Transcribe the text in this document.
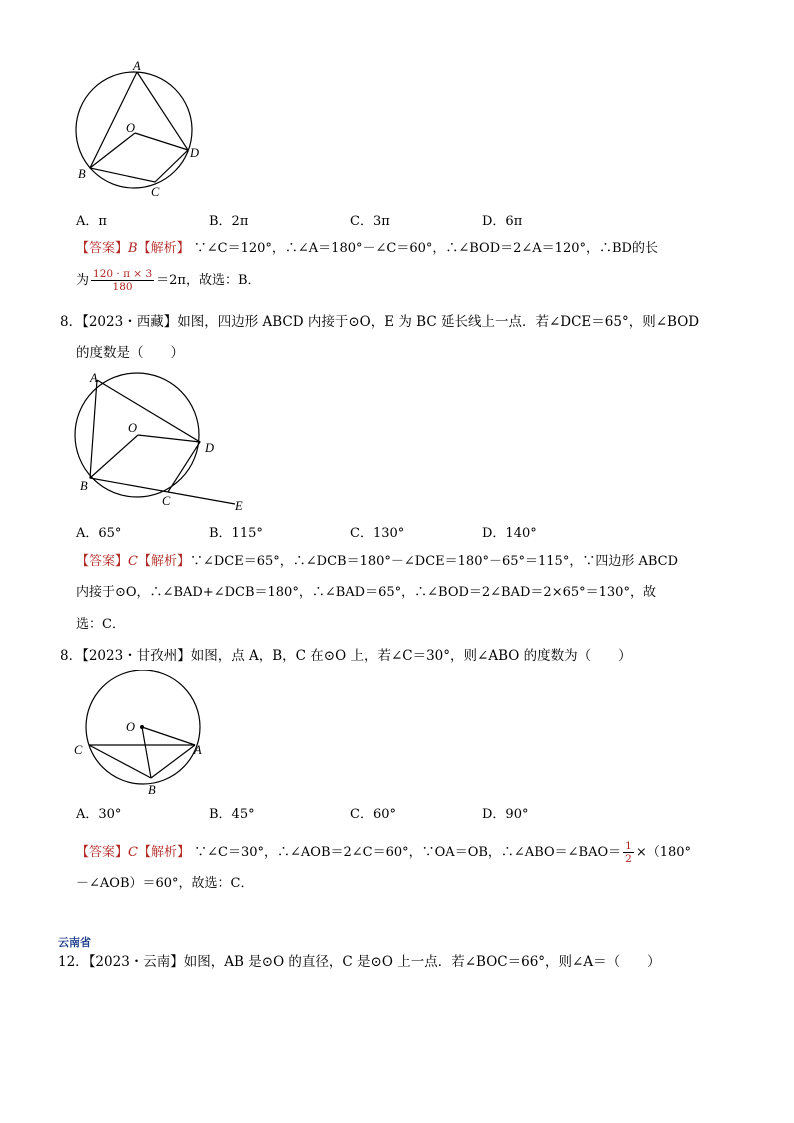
A
O
B
C
D
A．π	B．2π	C．3π	D．6π
【答案】B【解析】 ∵∠C＝120°，∴∠A＝180°－∠C＝60°，∴∠BOD＝2∠A＝120°，∴BD的长
为 $\frac{120 \cdot \pi \times 3}{180} =2\pi$，故选：B．
8．【2023・西藏】如图，四边形 ABCD 内接于⊙O，E 为 BC 延长线上一点．若∠DCE＝65°，则∠BOD
的度数是（　　）
A
O
B
C
D
E
A．65°	B．115°	C．130°	D．140°
【答案】C【解析】∵∠DCE＝65°，∴∠DCB＝180°－∠DCE＝180°－65°＝115°，∵四边形 ABCD
内接于⊙O，∴∠BAD+∠DCB＝180°，∴∠BAD＝65°，∴∠BOD＝2∠BAD＝2×65°＝130°，故
选：C．
8．【2023・甘孜州】如图，点 A，B，C 在⊙O 上，若∠C＝30°，则∠ABO 的度数为（　　）
O
C	A
B
A．30°	B．45°	C．60°	D．90°
【答案】C【解析】 ∵∠C＝30°，∴∠AOB＝2∠C＝60°，∵OA＝OB，∴∠ABO＝∠BAO＝ $\frac{1}{2} \times(180^\circ$
－∠AOB）＝60°，故选：C．
云南省
12．【2023・云南】如图，AB 是⊙O 的直径，C 是⊙O 上一点．若∠BOC＝66°，则∠A＝（　　）
